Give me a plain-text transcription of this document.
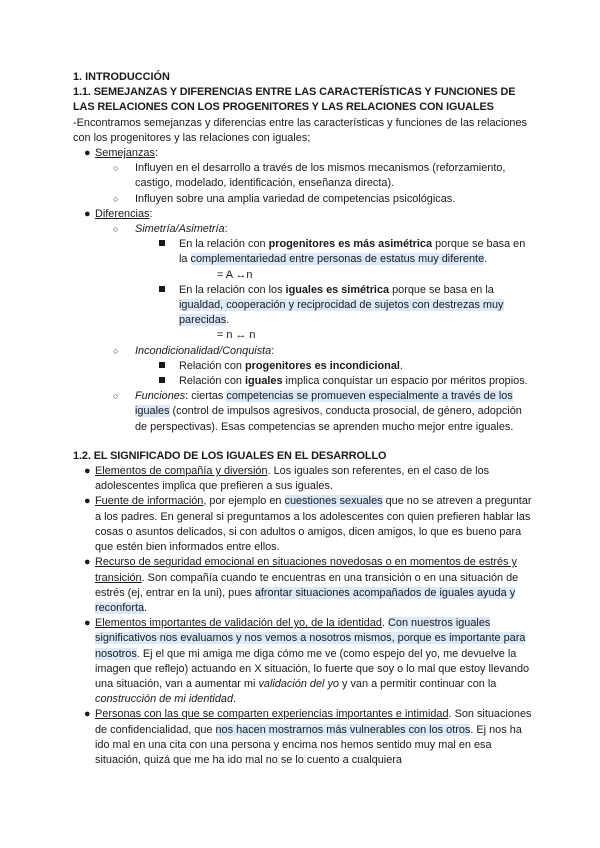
1. INTRODUCCIÓN

1.1. SEMEJANZAS Y DIFERENCIAS ENTRE LAS CARACTERÍSTICAS Y FUNCIONES DE LAS RELACIONES CON LOS PROGENITORES Y LAS RELACIONES CON IGUALES

-Encontramos semejanzas y diferencias entre las características y funciones de las relaciones con los progenitores y las relaciones con iguales;

● Semejanzas:
○ Influyen en el desarrollo a través de los mismos mecanismos (reforzamiento, castigo, modelado, identificación, enseñanza directa).
○ Influyen sobre una amplia variedad de competencias psicológicas.
● Diferencias:
○ Simetría/Asimetría:
En la relación con progenitores es más asimétrica porque se basa en la complementariedad entre personas de estatus muy diferente.
= A ↔n
En la relación con los iguales es simétrica porque se basa en la igualdad, cooperación y reciprocidad de sujetos con destrezas muy parecidas.
= n ↔ n
○ Incondicionalidad/Conquista:
Relación con progenitores es incondicional.
Relación con iguales implica conquistar un espacio por méritos propios.
○ Funciones: ciertas competencias se promueven especialmente a través de los iguales (control de impulsos agresivos, conducta prosocial, de género, adopción de perspectivas). Esas competencias se aprenden mucho mejor entre iguales.

1.2. EL SIGNIFICADO DE LOS IGUALES EN EL DESARROLLO

● Elementos de compañía y diversión. Los iguales son referentes, en el caso de los adolescentes implica que prefieren a sus iguales.
● Fuente de información, por ejemplo en cuestiones sexuales que no se atreven a preguntar a los padres. En general si preguntamos a los adolescentes con quien prefieren hablar las cosas o asuntos delicados, si con adultos o amigos, dicen amigos, lo que es bueno para que estén bien informados entre ellos.
● Recurso de seguridad emocional en situaciones novedosas o en momentos de estrés y transición. Son compañía cuando te encuentras en una transición o en una situación de estrés (ej, entrar en la uni), pues afrontar situaciones acompañados de iguales ayuda y reconforta.
● Elementos importantes de validación del yo, de la identidad. Con nuestros iguales significativos nos evaluamos y nos vemos a nosotros mismos, porque es importante para nosotros. Ej el que mi amiga me diga cómo me ve (como espejo del yo, me devuelve la imagen que reflejo) actuando en X situación, lo fuerte que soy o lo mal que estoy llevando una situación, van a aumentar mi validación del yo y van a permitir continuar con la construcción de mi identidad.
● Personas con las que se comparten experiencias importantes e intimidad. Son situaciones de confidencialidad, que nos hacen mostrarnos más vulnerables con los otros. Ej nos ha ido mal en una cita con una persona y encima nos hemos sentido muy mal en esa situación, quizá que me ha ido mal no se lo cuento a cualquiera
